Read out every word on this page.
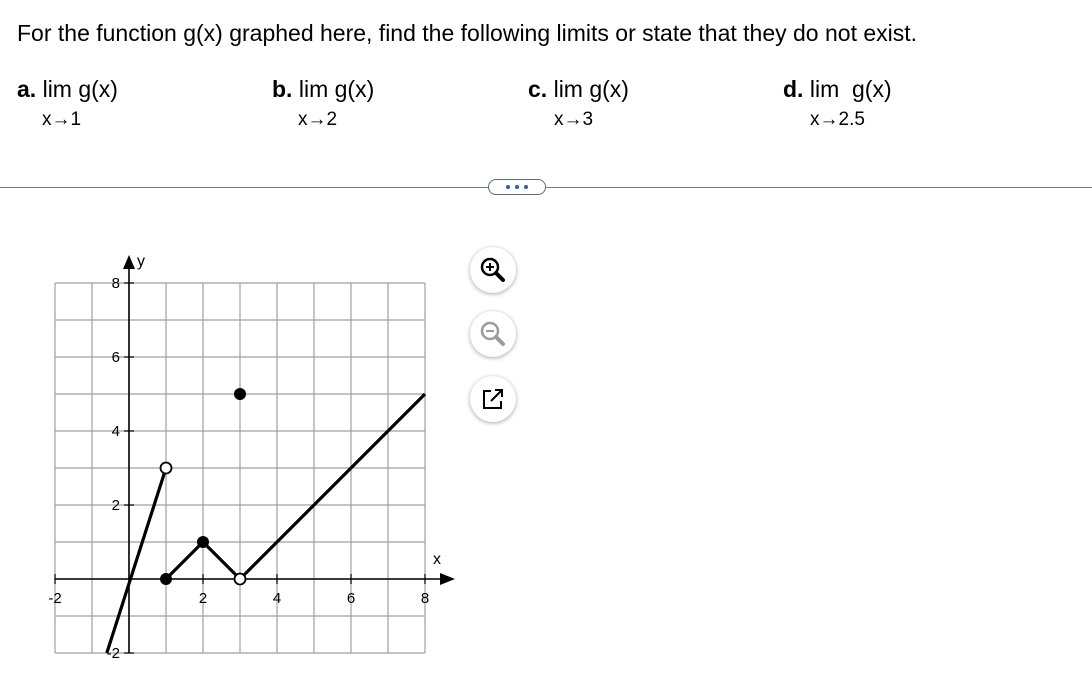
For the function g(x) graphed here, find the following limits or state that they do not exist.
a. lim g(x)
x→1
b. lim g(x)
x→2
c. lim g(x)
x→3
d. lim  g(x)
x→2.5
x
y
-2	2	4	6	8
-2
2
4
6
8
